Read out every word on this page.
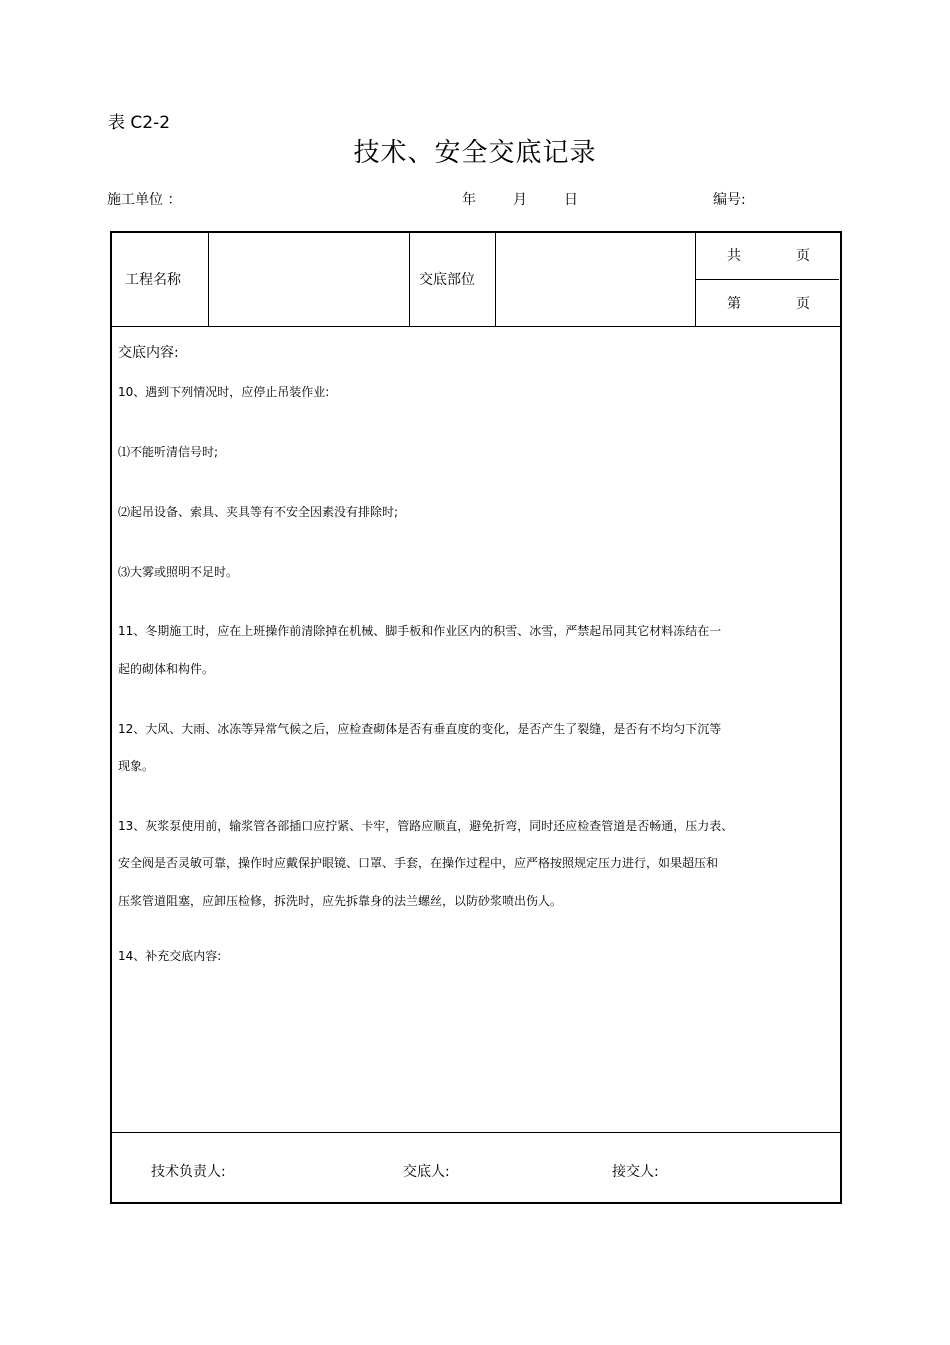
表 C2-2
技术、安全交底记录
施工单位 ：	年	月	日	编号:
工程名称	交底部位
共	页
第	页
交底内容:
10、遇到下列情况时，应停止吊装作业:
⑴不能听清信号时;
⑵起吊设备、索具、夹具等有不安全因素没有排除时;
⑶大雾或照明不足时。
11、冬期施工时，应在上班操作前清除掉在机械、脚手板和作业区内的积雪、冰雪，严禁起吊同其它材料冻结在一
起的砌体和构件。
12、大风、大雨、冰冻等异常气候之后，应检查砌体是否有垂直度的变化，是否产生了裂缝，是否有不均匀下沉等
现象。
13、灰浆泵使用前，输浆管各部插口应拧紧、卡牢，管路应顺直，避免折弯，同时还应检查管道是否畅通，压力表、
安全阀是否灵敏可靠，操作时应戴保护眼镜、口罩、手套，在操作过程中，应严格按照规定压力进行，如果超压和
压浆管道阻塞，应卸压检修，拆洗时，应先拆靠身的法兰螺丝，以防砂浆喷出伤人。
14、补充交底内容:
技术负责人:	交底人:	接交人:
